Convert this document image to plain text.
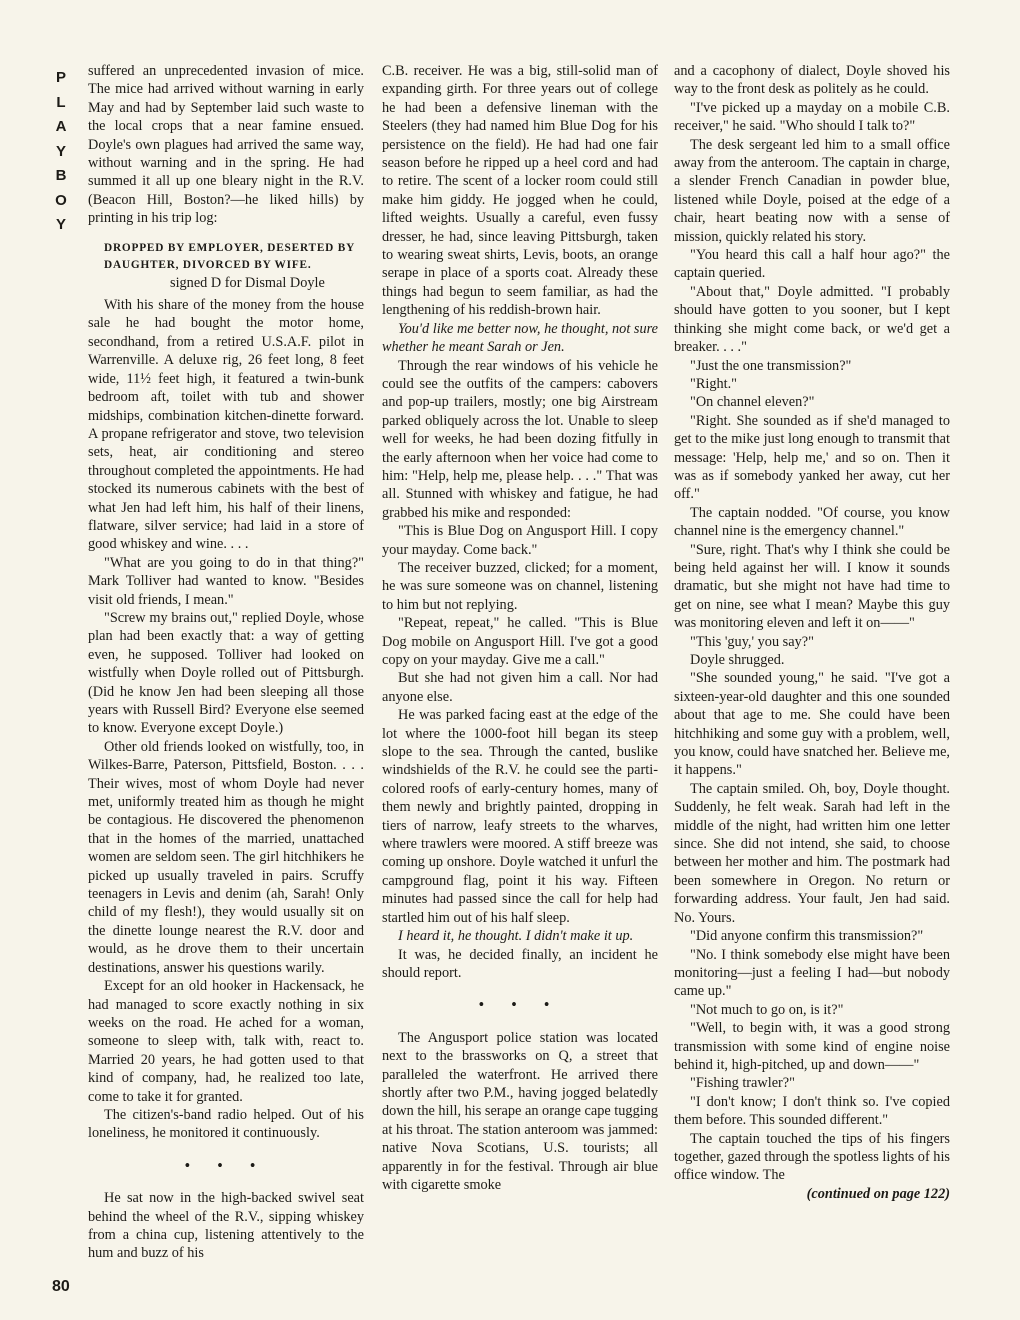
P
L
A
Y
B
O
Y
80

suffered an unprecedented invasion of mice. The mice had arrived without warning in early May and had by September laid such waste to the local crops that a near famine ensued. Doyle's own plagues had arrived the same way, without warning and in the spring. He had summed it all up one bleary night in the R.V. (Beacon Hill, Boston?—he liked hills) by printing in his trip log:

DROPPED BY EMPLOYER, DESERTED BY DAUGHTER, DIVORCED BY WIFE.

signed D for Dismal Doyle

With his share of the money from the house sale he had bought the motor home, secondhand, from a retired U.S.A.F. pilot in Warrenville. A deluxe rig, 26 feet long, 8 feet wide, 11½ feet high, it featured a twin-bunk bedroom aft, toilet with tub and shower midships, combination kitchen-dinette forward. A propane refrigerator and stove, two television sets, heat, air conditioning and stereo throughout completed the appointments. He had stocked its numerous cabinets with the best of what Jen had left him, his half of their linens, flatware, silver service; had laid in a store of good whiskey and wine. . . .

"What are you going to do in that thing?" Mark Tolliver had wanted to know. "Besides visit old friends, I mean."

"Screw my brains out," replied Doyle, whose plan had been exactly that: a way of getting even, he supposed. Tolliver had looked on wistfully when Doyle rolled out of Pittsburgh. (Did he know Jen had been sleeping all those years with Russell Bird? Everyone else seemed to know. Everyone except Doyle.)

Other old friends looked on wistfully, too, in Wilkes-Barre, Paterson, Pittsfield, Boston. . . . Their wives, most of whom Doyle had never met, uniformly treated him as though he might be contagious. He discovered the phenomenon that in the homes of the married, unattached women are seldom seen. The girl hitchhikers he picked up usually traveled in pairs. Scruffy teenagers in Levis and denim (ah, Sarah! Only child of my flesh!), they would usually sit on the dinette lounge nearest the R.V. door and would, as he drove them to their uncertain destinations, answer his questions warily.

Except for an old hooker in Hackensack, he had managed to score exactly nothing in six weeks on the road. He ached for a woman, someone to sleep with, talk with, react to. Married 20 years, he had gotten used to that kind of company, had, he realized too late, come to take it for granted.

The citizen's-band radio helped. Out of his loneliness, he monitored it continuously.

• • •

He sat now in the high-backed swivel seat behind the wheel of the R.V., sipping whiskey from a china cup, listening attentively to the hum and buzz of his

C.B. receiver. He was a big, still-solid man of expanding girth. For three years out of college he had been a defensive lineman with the Steelers (they had named him Blue Dog for his persistence on the field). He had had one fair season before he ripped up a heel cord and had to retire. The scent of a locker room could still make him giddy. He jogged when he could, lifted weights. Usually a careful, even fussy dresser, he had, since leaving Pittsburgh, taken to wearing sweat shirts, Levis, boots, an orange serape in place of a sports coat. Already these things had begun to seem familiar, as had the lengthening of his reddish-brown hair.

You'd like me better now, he thought, not sure whether he meant Sarah or Jen.

Through the rear windows of his vehicle he could see the outfits of the campers: cabovers and pop-up trailers, mostly; one big Airstream parked obliquely across the lot. Unable to sleep well for weeks, he had been dozing fitfully in the early afternoon when her voice had come to him: "Help, help me, please help. . . ." That was all. Stunned with whiskey and fatigue, he had grabbed his mike and responded:

"This is Blue Dog on Angusport Hill. I copy your mayday. Come back."

The receiver buzzed, clicked; for a moment, he was sure someone was on channel, listening to him but not replying.

"Repeat, repeat," he called. "This is Blue Dog mobile on Angusport Hill. I've got a good copy on your mayday. Give me a call."

But she had not given him a call. Nor had anyone else.

He was parked facing east at the edge of the lot where the 1000-foot hill began its steep slope to the sea. Through the canted, buslike windshields of the R.V. he could see the parti-colored roofs of early-century homes, many of them newly and brightly painted, dropping in tiers of narrow, leafy streets to the wharves, where trawlers were moored. A stiff breeze was coming up onshore. Doyle watched it unfurl the campground flag, point it his way. Fifteen minutes had passed since the call for help had startled him out of his half sleep.

I heard it, he thought. I didn't make it up.

It was, he decided finally, an incident he should report.

• • •

The Angusport police station was located next to the brassworks on Q, a street that paralleled the waterfront. He arrived there shortly after two P.M., having jogged belatedly down the hill, his serape an orange cape tugging at his throat. The station anteroom was jammed: native Nova Scotians, U.S. tourists; all apparently in for the festival. Through air blue with cigarette smoke

and a cacophony of dialect, Doyle shoved his way to the front desk as politely as he could.

"I've picked up a mayday on a mobile C.B. receiver," he said. "Who should I talk to?"

The desk sergeant led him to a small office away from the anteroom. The captain in charge, a slender French Canadian in powder blue, listened while Doyle, poised at the edge of a chair, heart beating now with a sense of mission, quickly related his story.

"You heard this call a half hour ago?" the captain queried.

"About that," Doyle admitted. "I probably should have gotten to you sooner, but I kept thinking she might come back, or we'd get a breaker. . . ."

"Just the one transmission?"

"Right."

"On channel eleven?"

"Right. She sounded as if she'd managed to get to the mike just long enough to transmit that message: 'Help, help me,' and so on. Then it was as if somebody yanked her away, cut her off."

The captain nodded. "Of course, you know channel nine is the emergency channel."

"Sure, right. That's why I think she could be being held against her will. I know it sounds dramatic, but she might not have had time to get on nine, see what I mean? Maybe this guy was monitoring eleven and left it on——"

"This 'guy,' you say?"

Doyle shrugged.

"She sounded young," he said. "I've got a sixteen-year-old daughter and this one sounded about that age to me. She could have been hitchhiking and some guy with a problem, well, you know, could have snatched her. Believe me, it happens."

The captain smiled. Oh, boy, Doyle thought. Suddenly, he felt weak. Sarah had left in the middle of the night, had written him one letter since. She did not intend, she said, to choose between her mother and him. The postmark had been somewhere in Oregon. No return or forwarding address. Your fault, Jen had said. No. Yours.

"Did anyone confirm this transmission?"

"No. I think somebody else might have been monitoring—just a feeling I had—but nobody came up."

"Not much to go on, is it?"

"Well, to begin with, it was a good strong transmission with some kind of engine noise behind it, high-pitched, up and down——"

"Fishing trawler?"

"I don't know; I don't think so. I've copied them before. This sounded different."

The captain touched the tips of his fingers together, gazed through the spotless lights of his office window. The

(continued on page 122)
